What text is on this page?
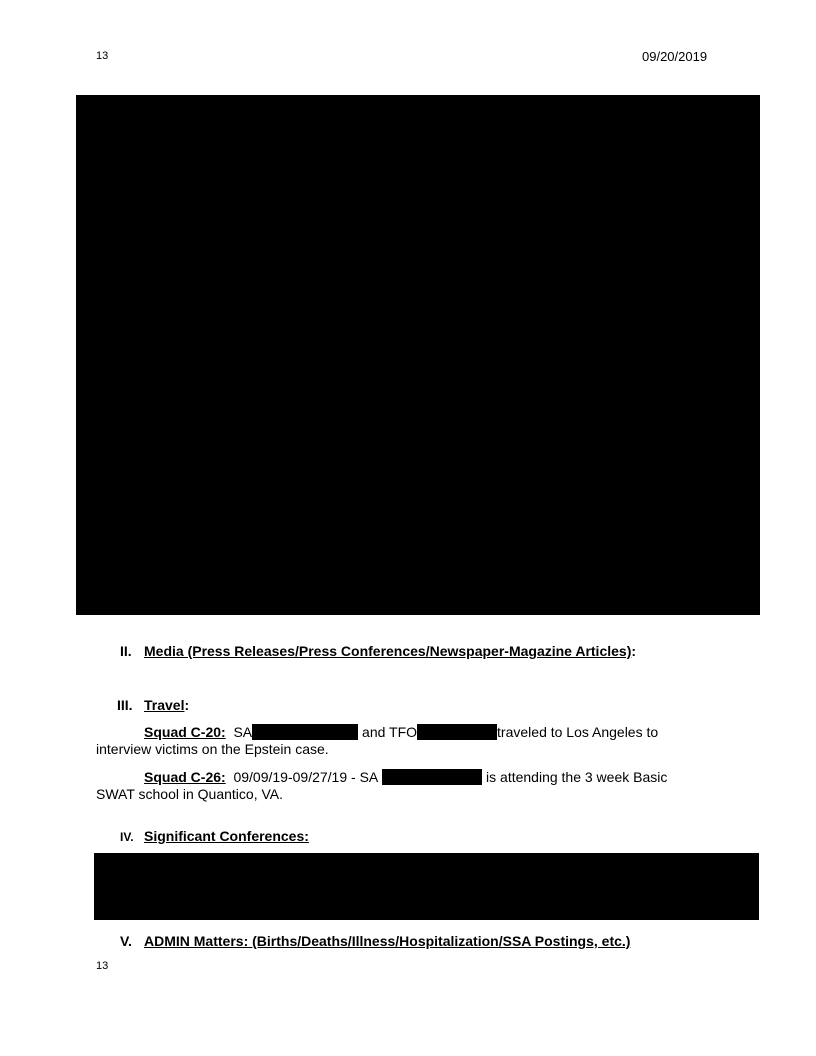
13	09/20/2019
II. Media (Press Releases/Press Conferences/Newspaper-Magazine Articles):
III. Travel:
Squad C-20: SA	and TFO	traveled to Los Angeles to
interview victims on the Epstein case.
Squad C-26: 09/09/19-09/27/19 - SA	is attending the 3 week Basic
SWAT school in Quantico, VA.
IV. Significant Conferences:
V. ADMIN Matters: (Births/Deaths/Illness/Hospitalization/SSA Postings, etc.)
13
